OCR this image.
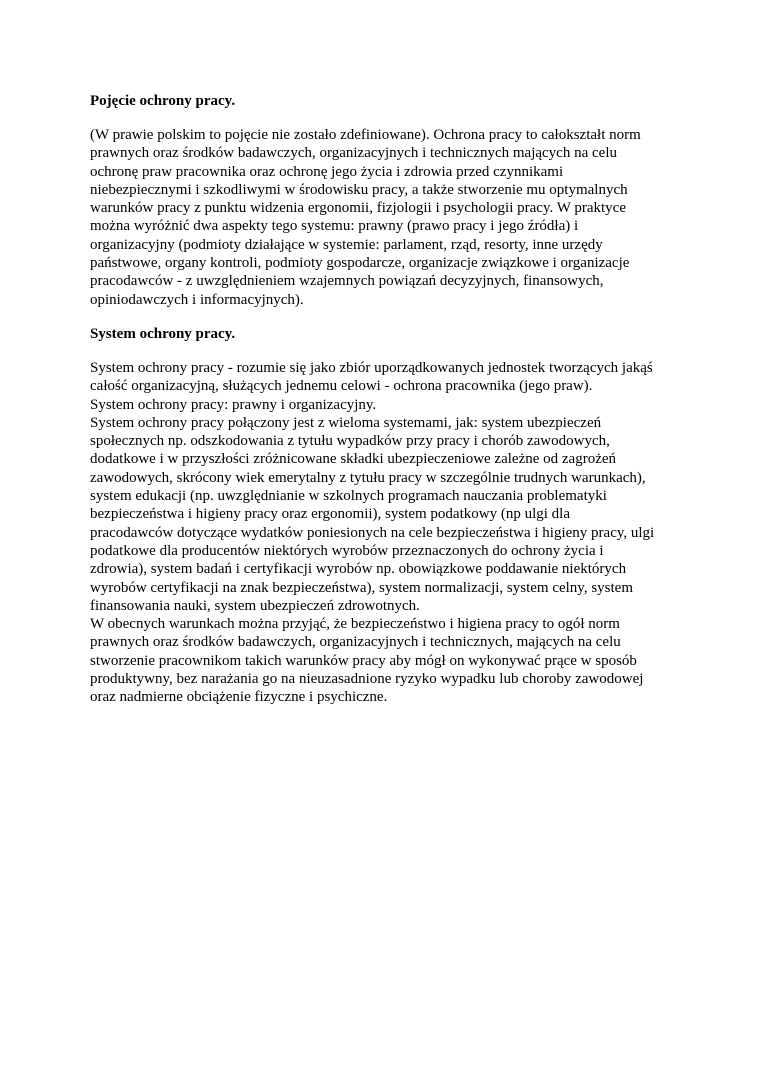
Pojęcie ochrony pracy.

(W prawie polskim to pojęcie nie zostało zdefiniowane). Ochrona pracy to całokształt norm
prawnych oraz środków badawczych, organizacyjnych i technicznych mających na celu
ochronę praw pracownika oraz ochronę jego życia i zdrowia przed czynnikami
niebezpiecznymi i szkodliwymi w środowisku pracy, a także stworzenie mu optymalnych
warunków pracy z punktu widzenia ergonomii, fizjologii i psychologii pracy. W praktyce
można wyróżnić dwa aspekty tego systemu: prawny (prawo pracy i jego źródła) i
organizacyjny (podmioty działające w systemie: parlament, rząd, resorty, inne urzędy
państwowe, organy kontroli, podmioty gospodarcze, organizacje związkowe i organizacje
pracodawców - z uwzględnieniem wzajemnych powiązań decyzyjnych, finansowych,
opiniodawczych i informacyjnych).

System ochrony pracy.

System ochrony pracy - rozumie się jako zbiór uporządkowanych jednostek tworzących jakąś
całość organizacyjną, służących jednemu celowi - ochrona pracownika (jego praw).
System ochrony pracy: prawny i organizacyjny.
System ochrony pracy połączony jest z wieloma systemami, jak: system ubezpieczeń
społecznych np. odszkodowania z tytułu wypadków przy pracy i chorób zawodowych,
dodatkowe i w przyszłości zróżnicowane składki ubezpieczeniowe zależne od zagrożeń
zawodowych, skrócony wiek emerytalny z tytułu pracy w szczególnie trudnych warunkach),
system edukacji (np. uwzględnianie w szkolnych programach nauczania problematyki
bezpieczeństwa i higieny pracy oraz ergonomii), system podatkowy (np ulgi dla
pracodawców dotyczące wydatków poniesionych na cele bezpieczeństwa i higieny pracy, ulgi
podatkowe dla producentów niektórych wyrobów przeznaczonych do ochrony życia i
zdrowia), system badań i certyfikacji wyrobów np. obowiązkowe poddawanie niektórych
wyrobów certyfikacji na znak bezpieczeństwa), system normalizacji, system celny, system
finansowania nauki, system ubezpieczeń zdrowotnych.
W obecnych warunkach można przyjąć, że bezpieczeństwo i higiena pracy to ogół norm
prawnych oraz środków badawczych, organizacyjnych i technicznych, mających na celu
stworzenie pracownikom takich warunków pracy aby mógł on wykonywać prące w sposób
produktywny, bez narażania go na nieuzasadnione ryzyko wypadku lub choroby zawodowej
oraz nadmierne obciążenie fizyczne i psychiczne.
